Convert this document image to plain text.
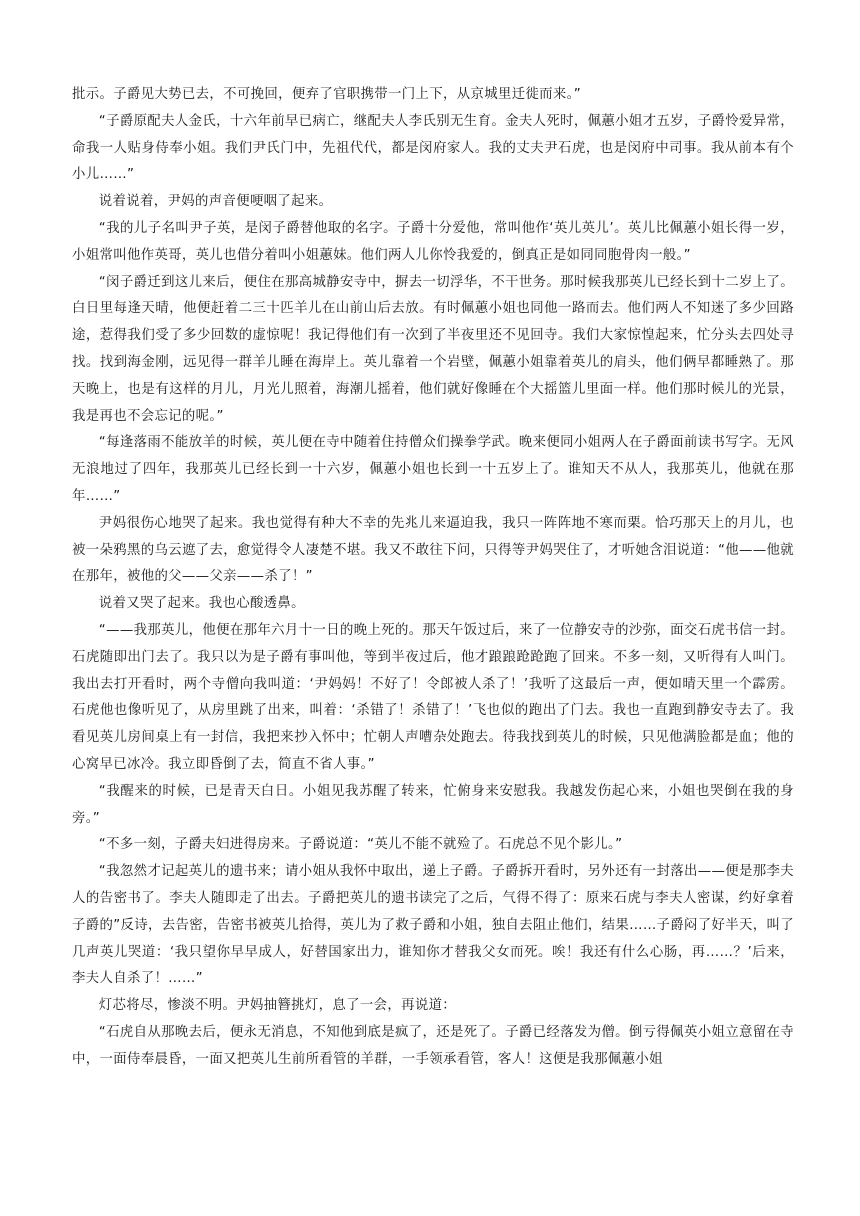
批示。子爵见大势已去，不可挽回，便弃了官职携带一门上下，从京城里迁徙而来。”

“子爵原配夫人金氏，十六年前早已病亡，继配夫人李氏别无生育。金夫人死时，佩蕙小姐才五岁，子爵怜爱异常，命我一人贴身侍奉小姐。我们尹氏门中，先祖代代，都是闵府家人。我的丈夫尹石虎，也是闵府中司事。我从前本有个小儿……”

说着说着，尹妈的声音便哽咽了起来。

“我的儿子名叫尹子英，是闵子爵替他取的名字。子爵十分爱他，常叫他作‘英儿英儿’。英儿比佩蕙小姐长得一岁，小姐常叫他作英哥，英儿也借分着叫小姐蕙妹。他们两人儿你怜我爱的，倒真正是如同同胞骨肉一般。”

“闵子爵迁到这儿来后，便住在那高城静安寺中，摒去一切浮华，不干世务。那时候我那英儿已经长到十二岁上了。白日里每逢天晴，他便赶着二三十匹羊儿在山前山后去放。有时佩蕙小姐也同他一路而去。他们两人不知迷了多少回路途，惹得我们受了多少回数的虚惊呢！我记得他们有一次到了半夜里还不见回寺。我们大家惊惶起来，忙分头去四处寻找。找到海金刚，远见得一群羊儿睡在海岸上。英儿靠着一个岩壁，佩蕙小姐靠着英儿的肩头，他们俩早都睡熟了。那天晚上，也是有这样的月儿，月光儿照着，海潮儿摇着，他们就好像睡在个大摇篮儿里面一样。他们那时候儿的光景，我是再也不会忘记的呢。”

“每逢落雨不能放羊的时候，英儿便在寺中随着住持僧众们操拳学武。晚来便同小姐两人在子爵面前读书写字。无风无浪地过了四年，我那英儿已经长到一十六岁，佩蕙小姐也长到一十五岁上了。谁知天不从人，我那英儿，他就在那年……”

尹妈很伤心地哭了起来。我也觉得有种大不幸的先兆儿来逼迫我，我只一阵阵地不寒而栗。恰巧那天上的月儿，也被一朵鸦黑的乌云遮了去，愈觉得令人凄楚不堪。我又不敢往下问，只得等尹妈哭住了，才听她含泪说道：“他——他就在那年，被他的父——父亲——杀了！”

说着又哭了起来。我也心酸透鼻。

“——我那英儿，他便在那年六月十一日的晚上死的。那天午饭过后，来了一位静安寺的沙弥，面交石虎书信一封。石虎随即出门去了。我只以为是子爵有事叫他，等到半夜过后，他才踉踉跄跄跑了回来。不多一刻，又听得有人叫门。我出去打开看时，两个寺僧向我叫道：‘尹妈妈！不好了！令郎被人杀了！’我听了这最后一声，便如晴天里一个霹雳。石虎他也像听见了，从房里跳了出来，叫着：‘杀错了！杀错了！’飞也似的跑出了门去。我也一直跑到静安寺去了。我看见英儿房间桌上有一封信，我把来抄入怀中；忙朝人声嘈杂处跑去。待我找到英儿的时候，只见他满脸都是血；他的心窝早已冰冷。我立即昏倒了去，简直不省人事。”

“我醒来的时候，已是青天白日。小姐见我苏醒了转来，忙俯身来安慰我。我越发伤起心来，小姐也哭倒在我的身旁。”

“不多一刻，子爵夫妇进得房来。子爵说道：“英儿不能不就殓了。石虎总不见个影儿。”

“我忽然才记起英儿的遗书来；请小姐从我怀中取出，递上子爵。子爵拆开看时，另外还有一封落出——便是那李夫人的告密书了。李夫人随即走了出去。子爵把英儿的遗书读完了之后，气得不得了：原来石虎与李夫人密谋，约好拿着子爵的”反诗，去告密，告密书被英儿拾得，英儿为了救子爵和小姐，独自去阻止他们，结果……子爵闷了好半天，叫了几声英儿哭道：‘我只望你早早成人，好替国家出力，谁知你才替我父女而死。唉！我还有什么心肠，再……？’后来，李夫人自杀了！……”

灯芯将尽，惨淡不明。尹妈抽簪挑灯，息了一会，再说道：

“石虎自从那晚去后，便永无消息，不知他到底是疯了，还是死了。子爵已经落发为僧。倒亏得佩英小姐立意留在寺中，一面侍奉晨昏，一面又把英儿生前所看管的羊群，一手领承看管，客人！这便是我那佩蕙小姐
